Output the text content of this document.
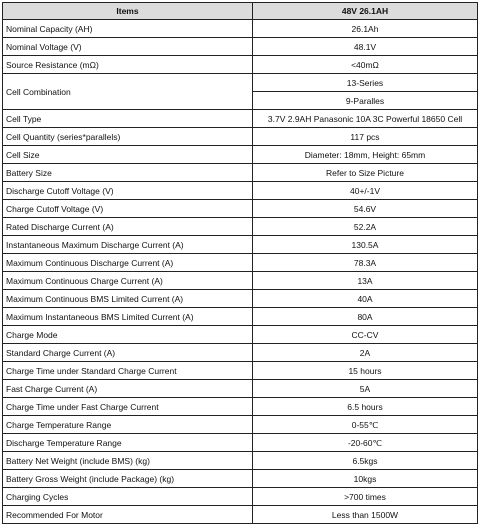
Items	48V 26.1AH
Nominal Capacity (AH)	26.1Ah
Nominal Voltage (V)	48.1V
Source Resistance (mΩ)	<40mΩ
Cell Combination	13-Series
	9-Paralles
Cell Type	3.7V 2.9AH Panasonic 10A 3C Powerful 18650 Cell
Cell Quantity (series*parallels)	117 pcs
Cell Size	Diameter: 18mm, Height: 65mm
Battery Size	Refer to Size Picture
Discharge Cutoff Voltage (V)	40+/-1V
Charge Cutoff Voltage (V)	54.6V
Rated Discharge Current (A)	52.2A
Instantaneous Maximum Discharge Current (A)	130.5A
Maximum Continuous Discharge Current (A)	78.3A
Maximum Continuous Charge Current (A)	13A
Maximum Continuous BMS Limited Current (A)	40A
Maximum Instantaneous BMS Limited Current (A)	80A
Charge Mode	CC-CV
Standard Charge Current (A)	2A
Charge Time under Standard Charge Current	15 hours
Fast Charge Current (A)	5A
Charge Time under Fast Charge Current	6.5 hours
Charge Temperature Range	0-55℃
Discharge Temperature Range	-20-60℃
Battery Net Weight (include BMS) (kg)	6.5kgs
Battery Gross Weight (include Package) (kg)	10kgs
Charging Cycles	>700 times
Recommended For Motor	Less than 1500W
